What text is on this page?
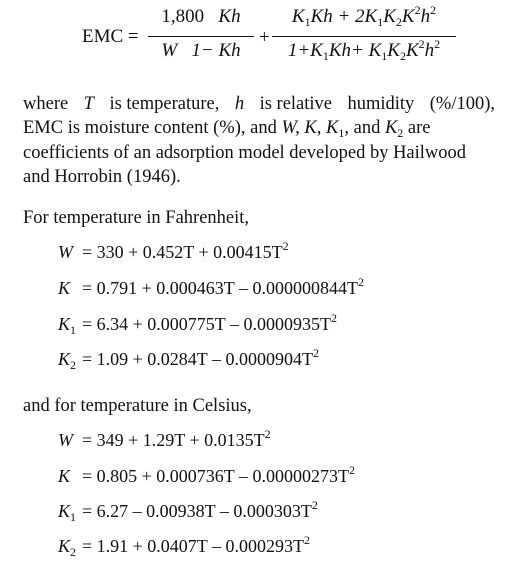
EMC =
1,800 Kh
W 1− Kh
+
$K_1Kh + 2K_1K_2K^2h^2$
$1+K_1Kh+ K_1K_2K^2h^2$
where T is temperature, h is relative humidity (%/100),
EMC is moisture content (%), and W, K, $K_1$, and $K_2$ are
coefficients of an adsorption model developed by Hailwood
and Horrobin (1946).
For temperature in Fahrenheit,
$W = 330 + 0.452T + 0.00415T^2$
$K = 0.791 + 0.000463T - 0.000000844T^2$
$K_1 = 6.34 + 0.000775T - 0.0000935T^2$
$K_2 = 1.09 + 0.0284T - 0.0000904T^2$
and for temperature in Celsius,
$W = 349 + 1.29T + 0.0135T^2$
$K = 0.805 + 0.000736T - 0.00000273T^2$
$K_1 = 6.27 - 0.00938T - 0.000303T^2$
$K_2 = 1.91 + 0.0407T - 0.000293T^2$
